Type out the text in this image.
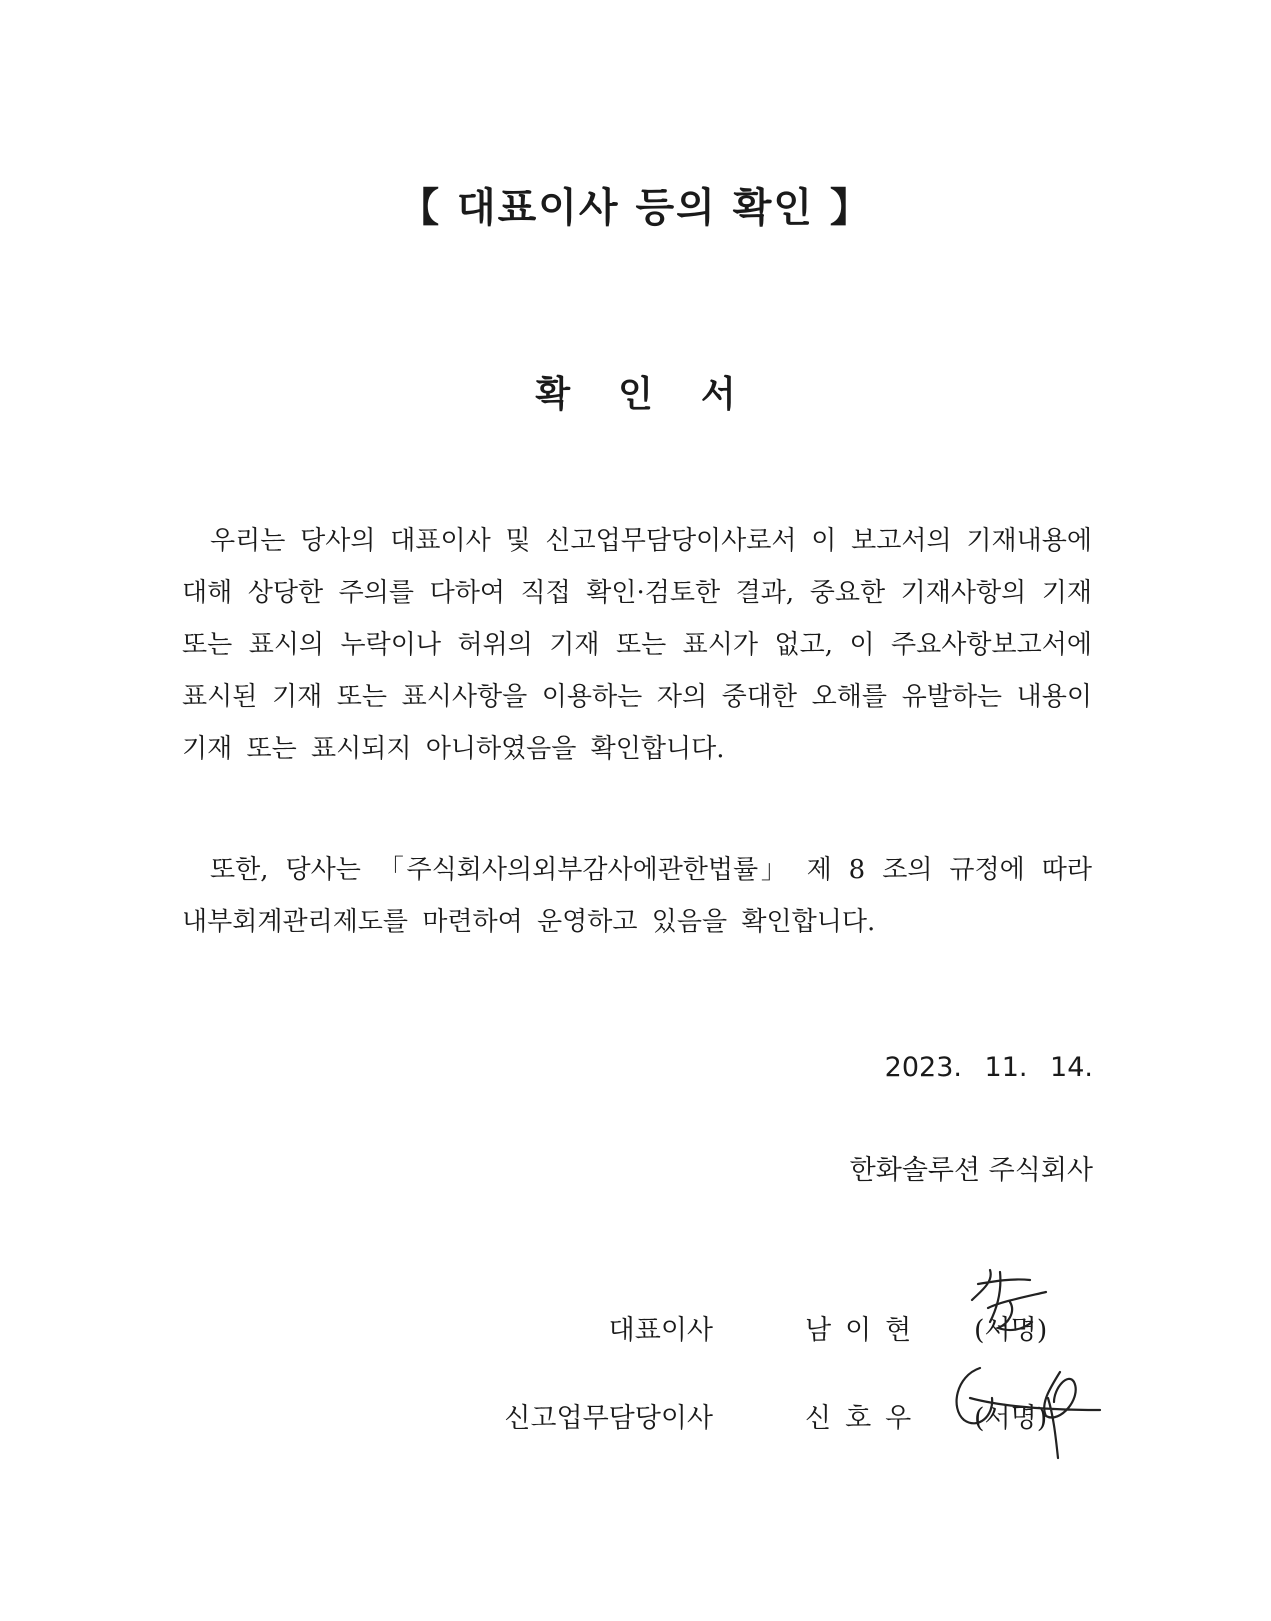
【 대표이사 등의 확인 】
확인서

우리는 당사의 대표이사 및 신고업무담당이사로서 이 보고서의 기재내용에 대해 상당한 주의를 다하여 직접 확인·검토한 결과, 중요한 기재사항의 기재 또는 표시의 누락이나 허위의 기재 또는 표시가 없고, 이 주요사항보고서에 표시된 기재 또는 표시사항을 이용하는 자의 중대한 오해를 유발하는 내용이 기재 또는 표시되지 아니하였음을 확인합니다.

또한, 당사는 「주식회사의외부감사에관한법률」 제 8 조의 규정에 따라 내부회계관리제도를 마련하여 운영하고 있음을 확인합니다.

2023. 11. 14.
한화솔루션 주식회사
대표이사	남이현 (서명)
신고업무담당이사	신호우 (서명)
